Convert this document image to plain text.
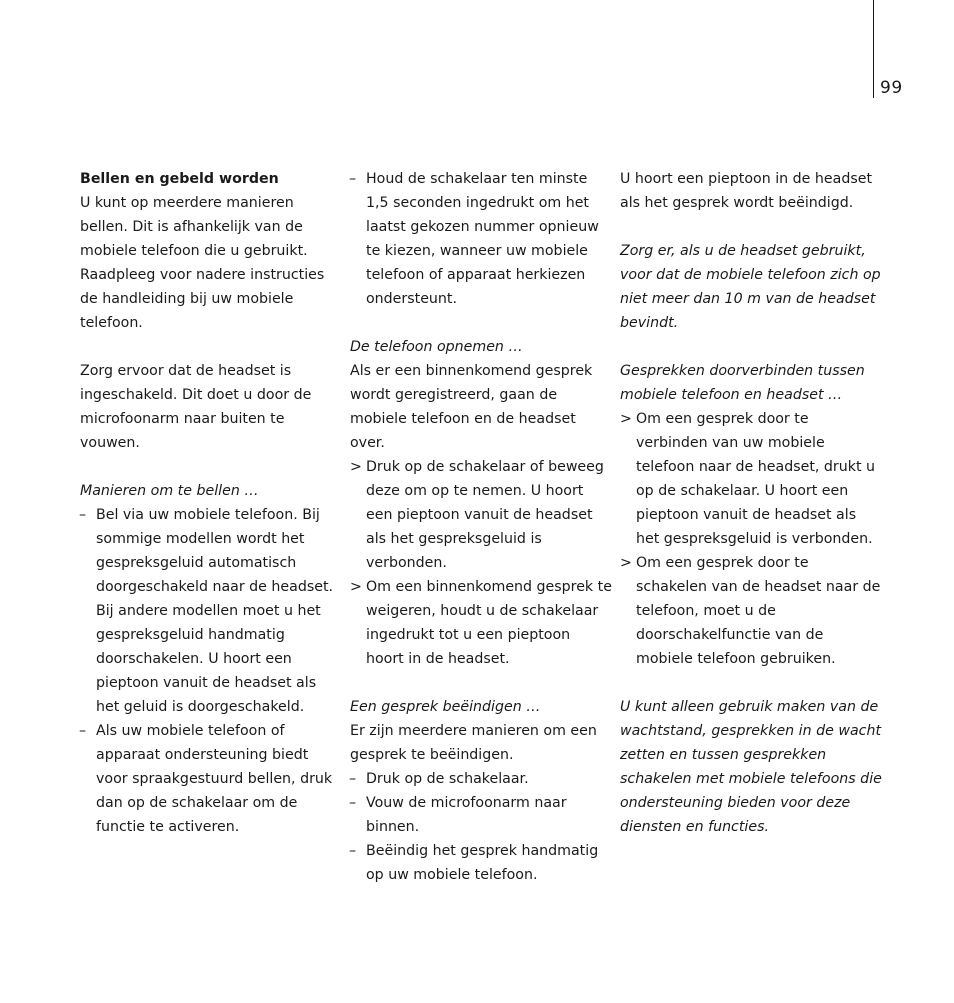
99

Bellen en gebeld worden

U kunt op meerdere manieren bellen. Dit is afhankelijk van de mobiele telefoon die u gebruikt. Raadpleeg voor nadere instructies de handleiding bij uw mobiele telefoon.

Zorg ervoor dat de headset is ingeschakeld. Dit doet u door de microfoonarm naar buiten te vouwen.

Manieren om te bellen …

– Bel via uw mobiele telefoon. Bij sommige modellen wordt het gespreksgeluid automatisch doorgeschakeld naar de headset. Bij andere modellen moet u het gespreksgeluid handmatig doorschakelen. U hoort een pieptoon vanuit de headset als het geluid is doorgeschakeld.
– Als uw mobiele telefoon of apparaat ondersteuning biedt voor spraakgestuurd bellen, druk dan op de schakelaar om de functie te activeren.
– Houd de schakelaar ten minste 1,5 seconden ingedrukt om het laatst gekozen nummer opnieuw te kiezen, wanneer uw mobiele telefoon of apparaat herkiezen ondersteunt.

De telefoon opnemen …

Als er een binnenkomend gesprek wordt geregistreerd, gaan de mobiele telefoon en de headset over.

> Druk op de schakelaar of beweeg deze om op te nemen. U hoort een pieptoon vanuit de headset als het gespreksgeluid is verbonden.
> Om een binnenkomend gesprek te weigeren, houdt u de schakelaar ingedrukt tot u een pieptoon hoort in de headset.

Een gesprek beëindigen …

Er zijn meerdere manieren om een gesprek te beëindigen.

– Druk op de schakelaar.
– Vouw de microfoonarm naar binnen.
– Beëindig het gesprek handmatig op uw mobiele telefoon.

U hoort een pieptoon in de headset als het gesprek wordt beëindigd.

Zorg er, als u de headset gebruikt, voor dat de mobiele telefoon zich op niet meer dan 10 m van de headset bevindt.

Gesprekken doorverbinden tussen mobiele telefoon en headset …

> Om een gesprek door te verbinden van uw mobiele telefoon naar de headset, drukt u op de schakelaar. U hoort een pieptoon vanuit de headset als het gespreksgeluid is verbonden.
> Om een gesprek door te schakelen van de headset naar de telefoon, moet u de doorschakelfunctie van de mobiele telefoon gebruiken.

U kunt alleen gebruik maken van de wachtstand, gesprekken in de wacht zetten en tussen gesprekken schakelen met mobiele telefoons die ondersteuning bieden voor deze diensten en functies.
